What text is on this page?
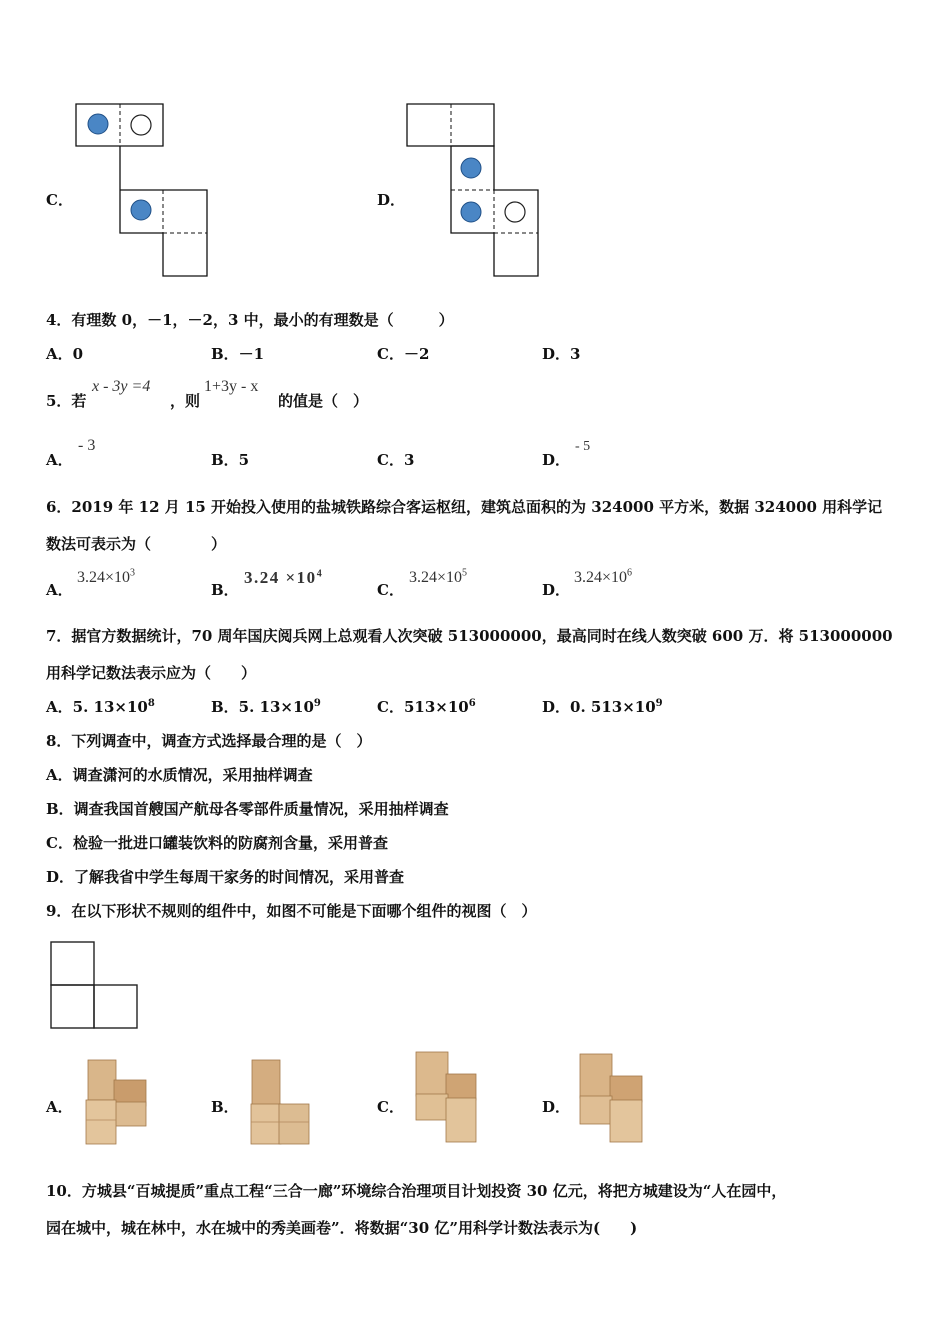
C．	D．
4．有理数 0，－1，－2，3 中，最小的有理数是（　　　）
A．0	B．－1	C．－2	D．3
5．若
x - 3y =4
，则
1+3y - x
的值是（　）
A．
- 3
B．5	C．3	D．
- 5
6．2019 年 12 月 15 开始投入使用的盐城铁路综合客运枢纽，建筑总面积的为 324000 平方米，数据 324000 用科学记
数法可表示为（　　　　）
A．
$3.24\times 10^3$
B．
$3.24 \times 10^4$
C．
$3.24\times 10^5$
D．
$3.24\times 10^6$
7．据官方数据统计，70 周年国庆阅兵网上总观看人次突破 513000000，最高同时在线人数突破 600 万．将 513000000
用科学记数法表示应为（　　）
A．5. $13\times 10^8$	B．5. $13\times 10^9$	C．$513\times 10^6$	D．0. $513\times 10^9$
8．下列调查中，调查方式选择最合理的是（　）
A．调查潇河的水质情况，采用抽样调查
B．调查我国首艘国产航母各零部件质量情况，采用抽样调查
C．检验一批进口罐装饮料的防腐剂含量，采用普查
D．了解我省中学生每周干家务的时间情况，采用普查
9．在以下形状不规则的组件中，如图不可能是下面哪个组件的视图（　）
A．	B．	C．	D．
10．方城县“百城提质”重点工程“三合一廊”环境综合治理项目计划投资 30 亿元，将把方城建设为“人在园中，
园在城中，城在林中，水在城中的秀美画卷”．将数据“30 亿”用科学计数法表示为(　　)
